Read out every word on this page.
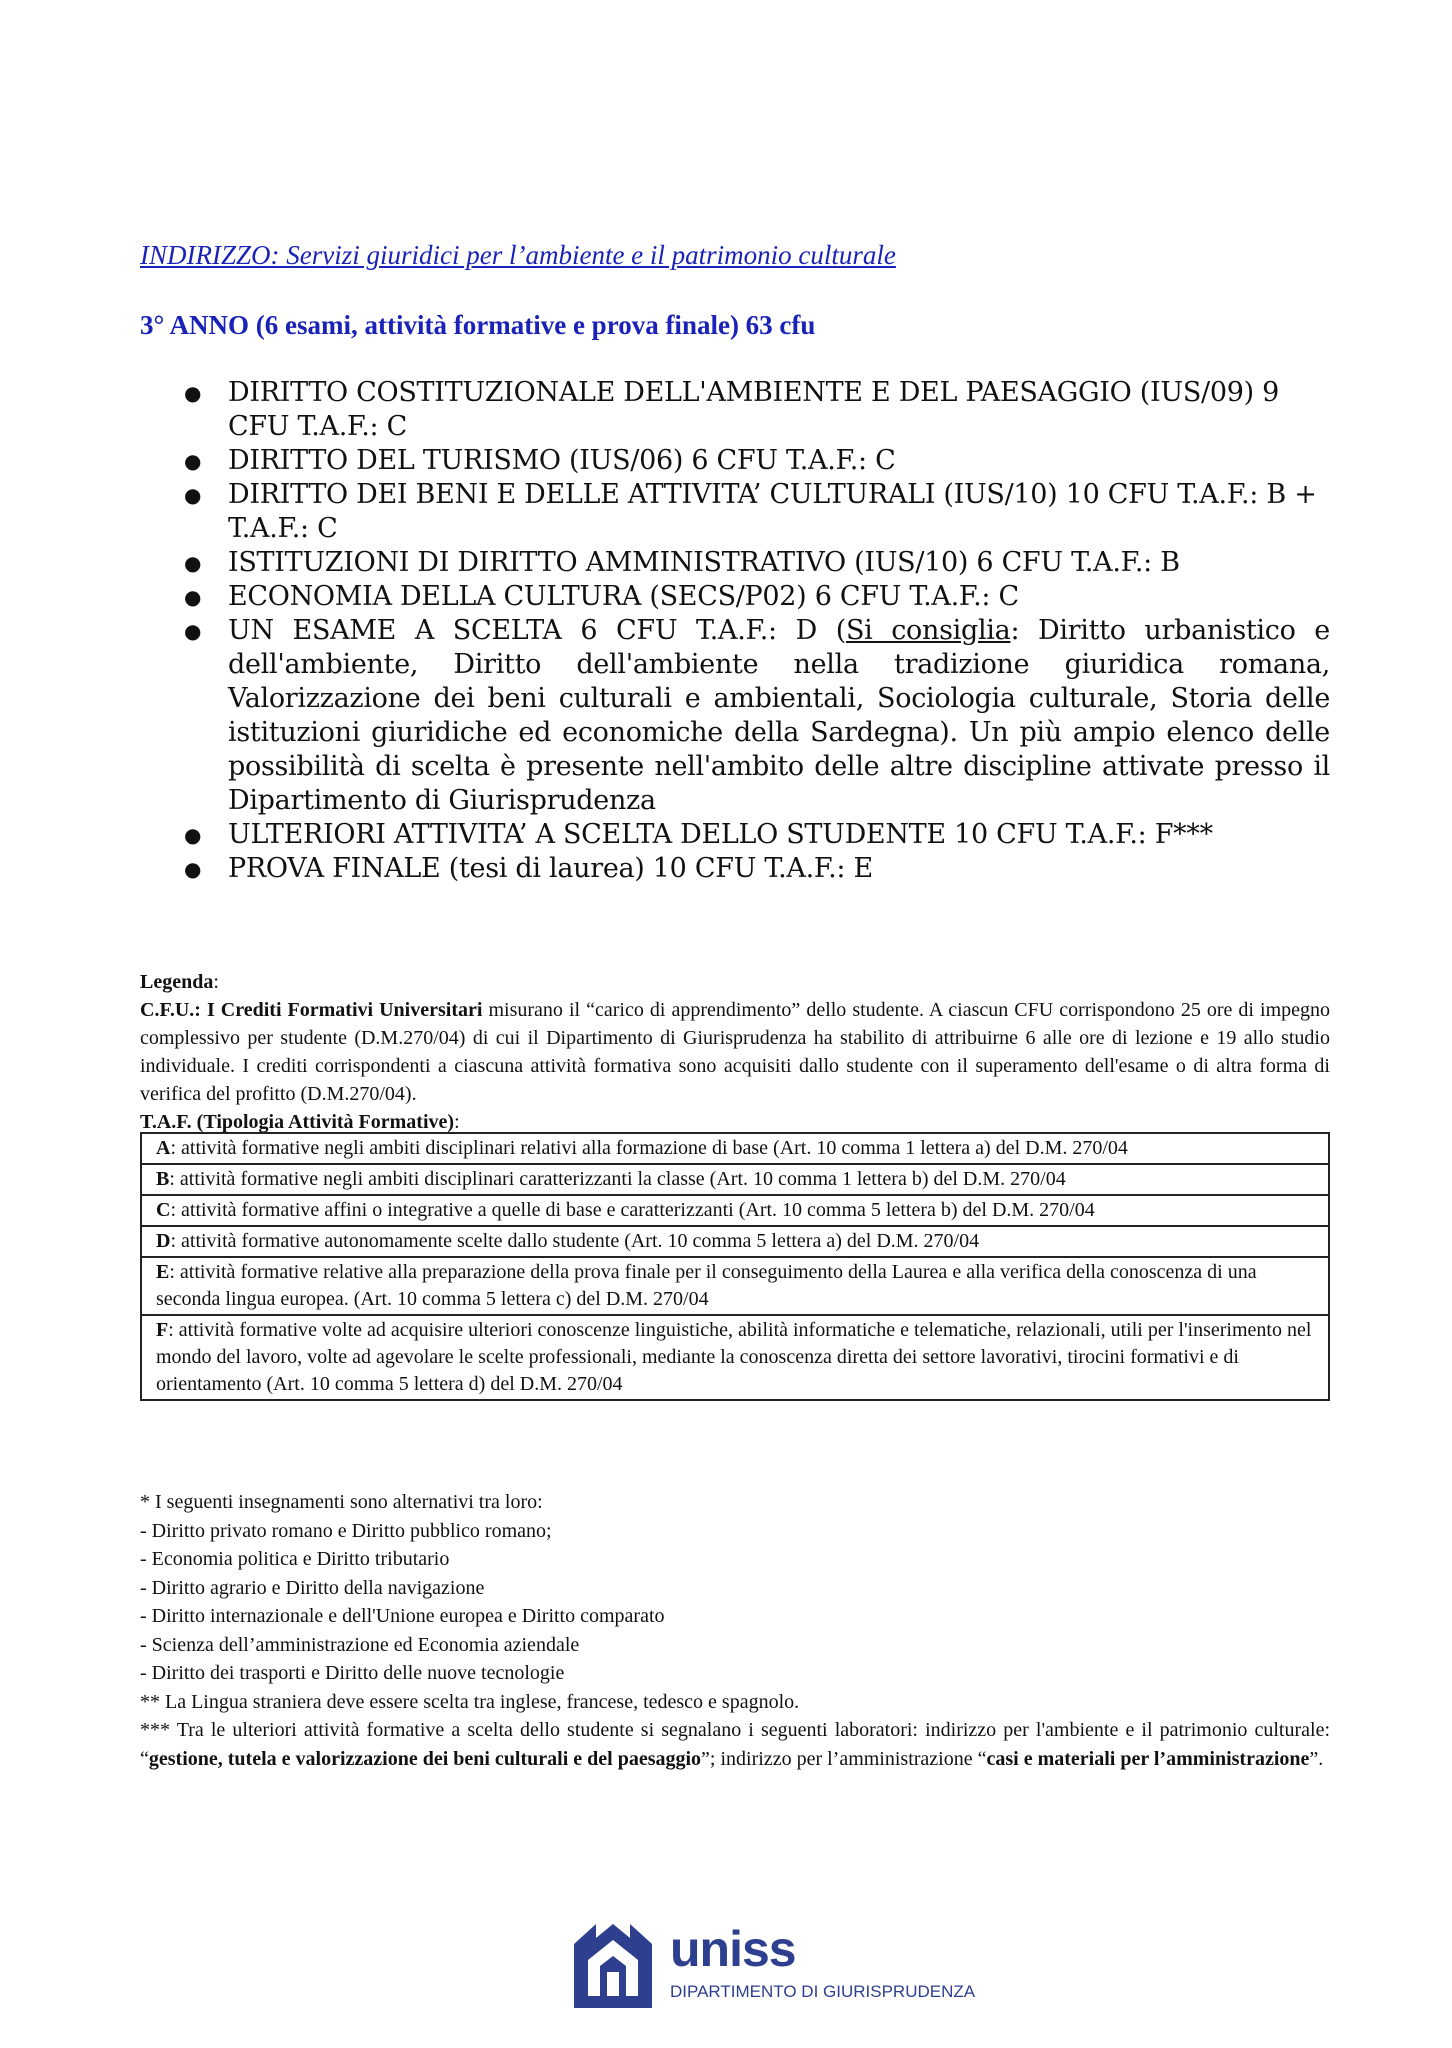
INDIRIZZO: Servizi giuridici per l’ambiente e il patrimonio culturale
3° ANNO (6 esami, attività formative e prova finale) 63 cfu
● DIRITTO COSTITUZIONALE DELL'AMBIENTE E DEL PAESAGGIO (IUS/09) 9 CFU T.A.F.: C
● DIRITTO DEL TURISMO (IUS/06) 6 CFU T.A.F.: C
● DIRITTO DEI BENI E DELLE ATTIVITA’ CULTURALI (IUS/10) 10 CFU T.A.F.: B + T.A.F.: C
● ISTITUZIONI DI DIRITTO AMMINISTRATIVO (IUS/10) 6 CFU T.A.F.: B
● ECONOMIA DELLA CULTURA (SECS/P02) 6 CFU T.A.F.: C
● UN ESAME A SCELTA 6 CFU T.A.F.: D (Si consiglia: Diritto urbanistico e dell'ambiente, Diritto dell'ambiente nella tradizione giuridica romana, Valorizzazione dei beni culturali e ambientali, Sociologia culturale, Storia delle istituzioni giuridiche ed economiche della Sardegna). Un più ampio elenco delle possibilità di scelta è presente nell'ambito delle altre discipline attivate presso il Dipartimento di Giurisprudenza
● ULTERIORI ATTIVITA’ A SCELTA DELLO STUDENTE 10 CFU T.A.F.: F***
● PROVA FINALE (tesi di laurea) 10 CFU T.A.F.: E

Legenda:

C.F.U.: I Crediti Formativi Universitari misurano il “carico di apprendimento” dello studente. A ciascun CFU corrispondono 25 ore di impegno complessivo per studente (D.M.270/04) di cui il Dipartimento di Giurisprudenza ha stabilito di attribuirne 6 alle ore di lezione e 19 allo studio individuale. I crediti corrispondenti a ciascuna attività formativa sono acquisiti dallo studente con il superamento dell'esame o di altra forma di verifica del profitto (D.M.270/04).

T.A.F. (Tipologia Attività Formative):

A: attività formative negli ambiti disciplinari relativi alla formazione di base (Art. 10 comma 1 lettera a) del D.M. 270/04
B: attività formative negli ambiti disciplinari caratterizzanti la classe (Art. 10 comma 1 lettera b) del D.M. 270/04
C: attività formative affini o integrative a quelle di base e caratterizzanti (Art. 10 comma 5 lettera b) del D.M. 270/04
D: attività formative autonomamente scelte dallo studente (Art. 10 comma 5 lettera a) del D.M. 270/04
E: attività formative relative alla preparazione della prova finale per il conseguimento della Laurea e alla verifica della conoscenza di una seconda lingua europea. (Art. 10 comma 5 lettera c) del D.M. 270/04
F: attività formative volte ad acquisire ulteriori conoscenze linguistiche, abilità informatiche e telematiche, relazionali, utili per l'inserimento nel mondo del lavoro, volte ad agevolare le scelte professionali, mediante la conoscenza diretta dei settore lavorativi, tirocini formativi e di orientamento (Art. 10 comma 5 lettera d) del D.M. 270/04
* I seguenti insegnamenti sono alternativi tra loro:
- Diritto privato romano e Diritto pubblico romano;
- Economia politica e Diritto tributario
- Diritto agrario e Diritto della navigazione
- Diritto internazionale e dell'Unione europea e Diritto comparato
- Scienza dell’amministrazione ed Economia aziendale
- Diritto dei trasporti e Diritto delle nuove tecnologie
** La Lingua straniera deve essere scelta tra inglese, francese, tedesco e spagnolo.
*** Tra le ulteriori attività formative a scelta dello studente si segnalano i seguenti laboratori: indirizzo per l'ambiente e il patrimonio culturale: “gestione, tutela e valorizzazione dei beni culturali e del paesaggio”; indirizzo per l’amministrazione “casi e materiali per l’amministrazione”.
uniss
DIPARTIMENTO DI GIURISPRUDENZA
